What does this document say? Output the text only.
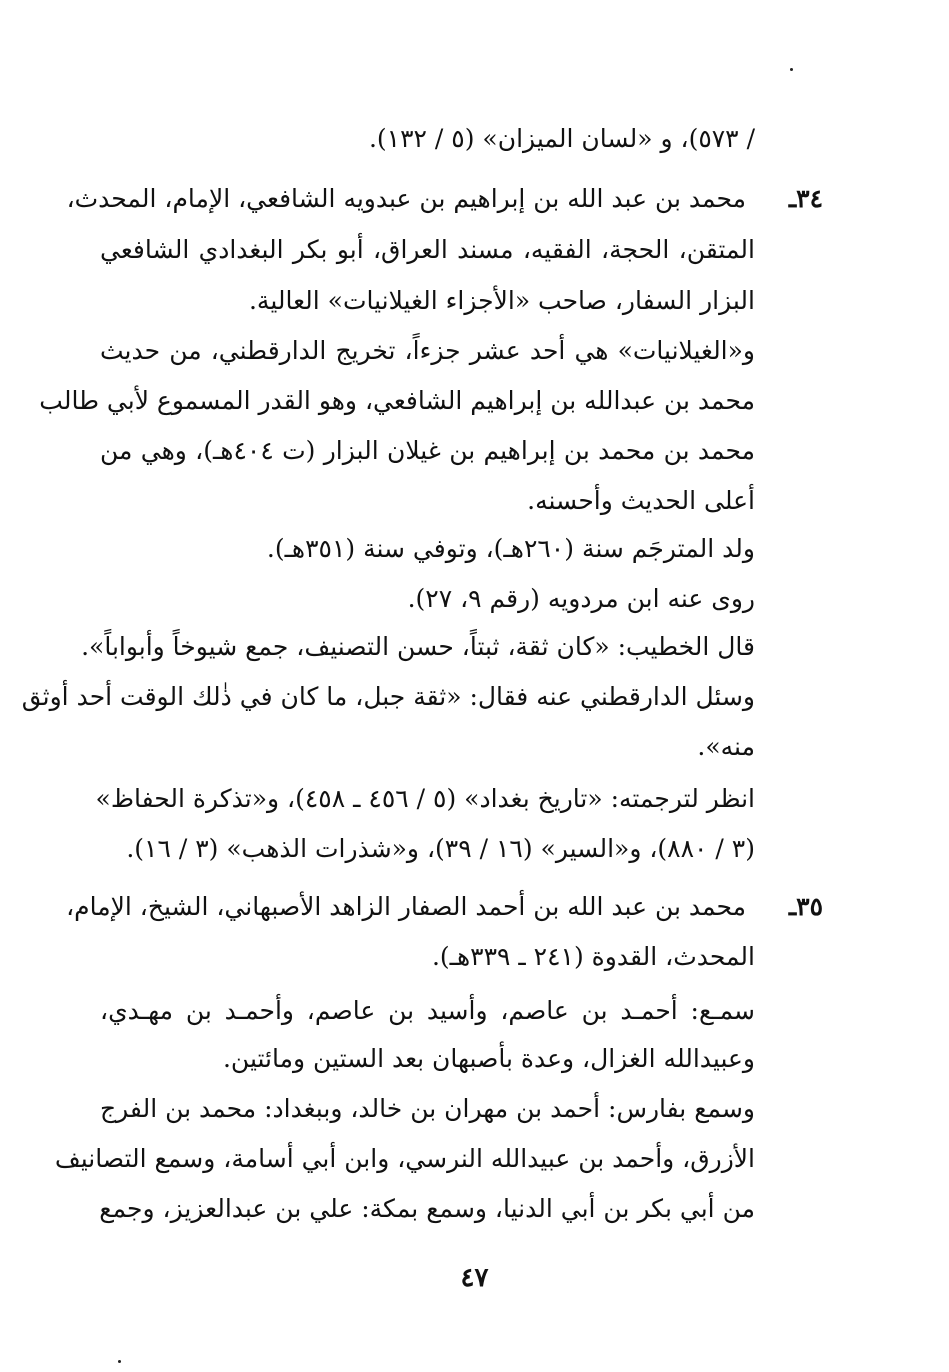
/ ٥٧٣)، و «لسان الميزان» (٥ / ١٣٢).
٣٤ـ
محمد بن عبد الله بن إبراهيم بن عبدويه الشافعي، الإمام، المحدث،
المتقن، الحجة، الفقيه، مسند العراق، أبو بكر البغدادي الشافعي
البزار السفار، صاحب «الأجزاء الغيلانيات» العالية.
و«الغيلانيات» هي أحد عشر جزءاً، تخريج الدارقطني، من حديث
محمد بن عبدالله بن إبراهيم الشافعي، وهو القدر المسموع لأبي طالب
محمد بن محمد بن إبراهيم بن غيلان البزار (ت ٤٠٤هـ)، وهي من
أعلى الحديث وأحسنه.
ولد المترجَم سنة (٢٦٠هـ)، وتوفي سنة (٣٥١هـ).
روى عنه ابن مردويه (رقم ٩، ٢٧).
قال الخطيب: «كان ثقة، ثبتاً، حسن التصنيف، جمع شيوخاً وأبواباً».
وسئل الدارقطني عنه فقال: «ثقة جبل، ما كان في ذٰلك الوقت أحد أوثق
منه».
انظر لترجمته: «تاريخ بغداد» (٥ / ٤٥٦ ـ ٤٥٨)، و«تذكرة الحفاظ»
(٣ / ٨٨٠)، و«السير» (١٦ / ٣٩)، و«شذرات الذهب» (٣ / ١٦).
٣٥ـ
محمد بن عبد الله بن أحمد الصفار الزاهد الأصبهاني، الشيخ، الإمام،
المحدث، القدوة (٢٤١ ـ ٣٣٩هـ).
سمـع: أحمـد بن عاصم، وأسيد بن عاصم، وأحمـد بن مهـدي،
وعبيدالله الغزال، وعدة بأصبهان بعد الستين ومائتين.
وسمع بفارس: أحمد بن مهران بن خالد، وببغداد: محمد بن الفرج
الأزرق، وأحمد بن عبيدالله النرسي، وابن أبي أسامة، وسمع التصانيف
من أبي بكر بن أبي الدنيا، وسمع بمكة: علي بن عبدالعزيز، وجمع
٤٧
